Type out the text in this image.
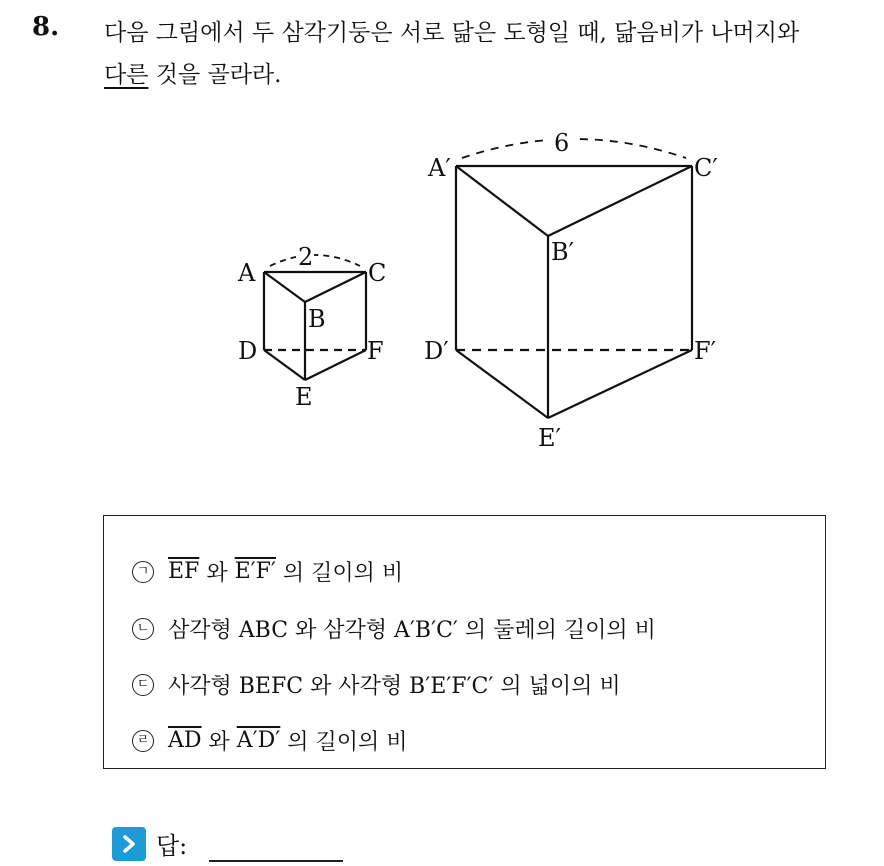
8. 다음 그림에서 두 삼각기둥은 서로 닮은 도형일 때, 닮음비가 나머지와
다른 것을 골라라.
2
A	C
B
D	F
E
6
A′	C′
B′
D′	F′
E′
ㄱ $\overline{EF}$ 와 E′F′ 의 길이의 비
ㄴ 삼각형 ABC 와 삼각형 A′B′C′ 의 둘레의 길이의 비
ㄷ 사각형 BEFC 와 사각형 B′E′F′C′ 의 넓이의 비
ㄹ $\overline{AD}$ 와 A′D′ 의 길이의 비
답:
